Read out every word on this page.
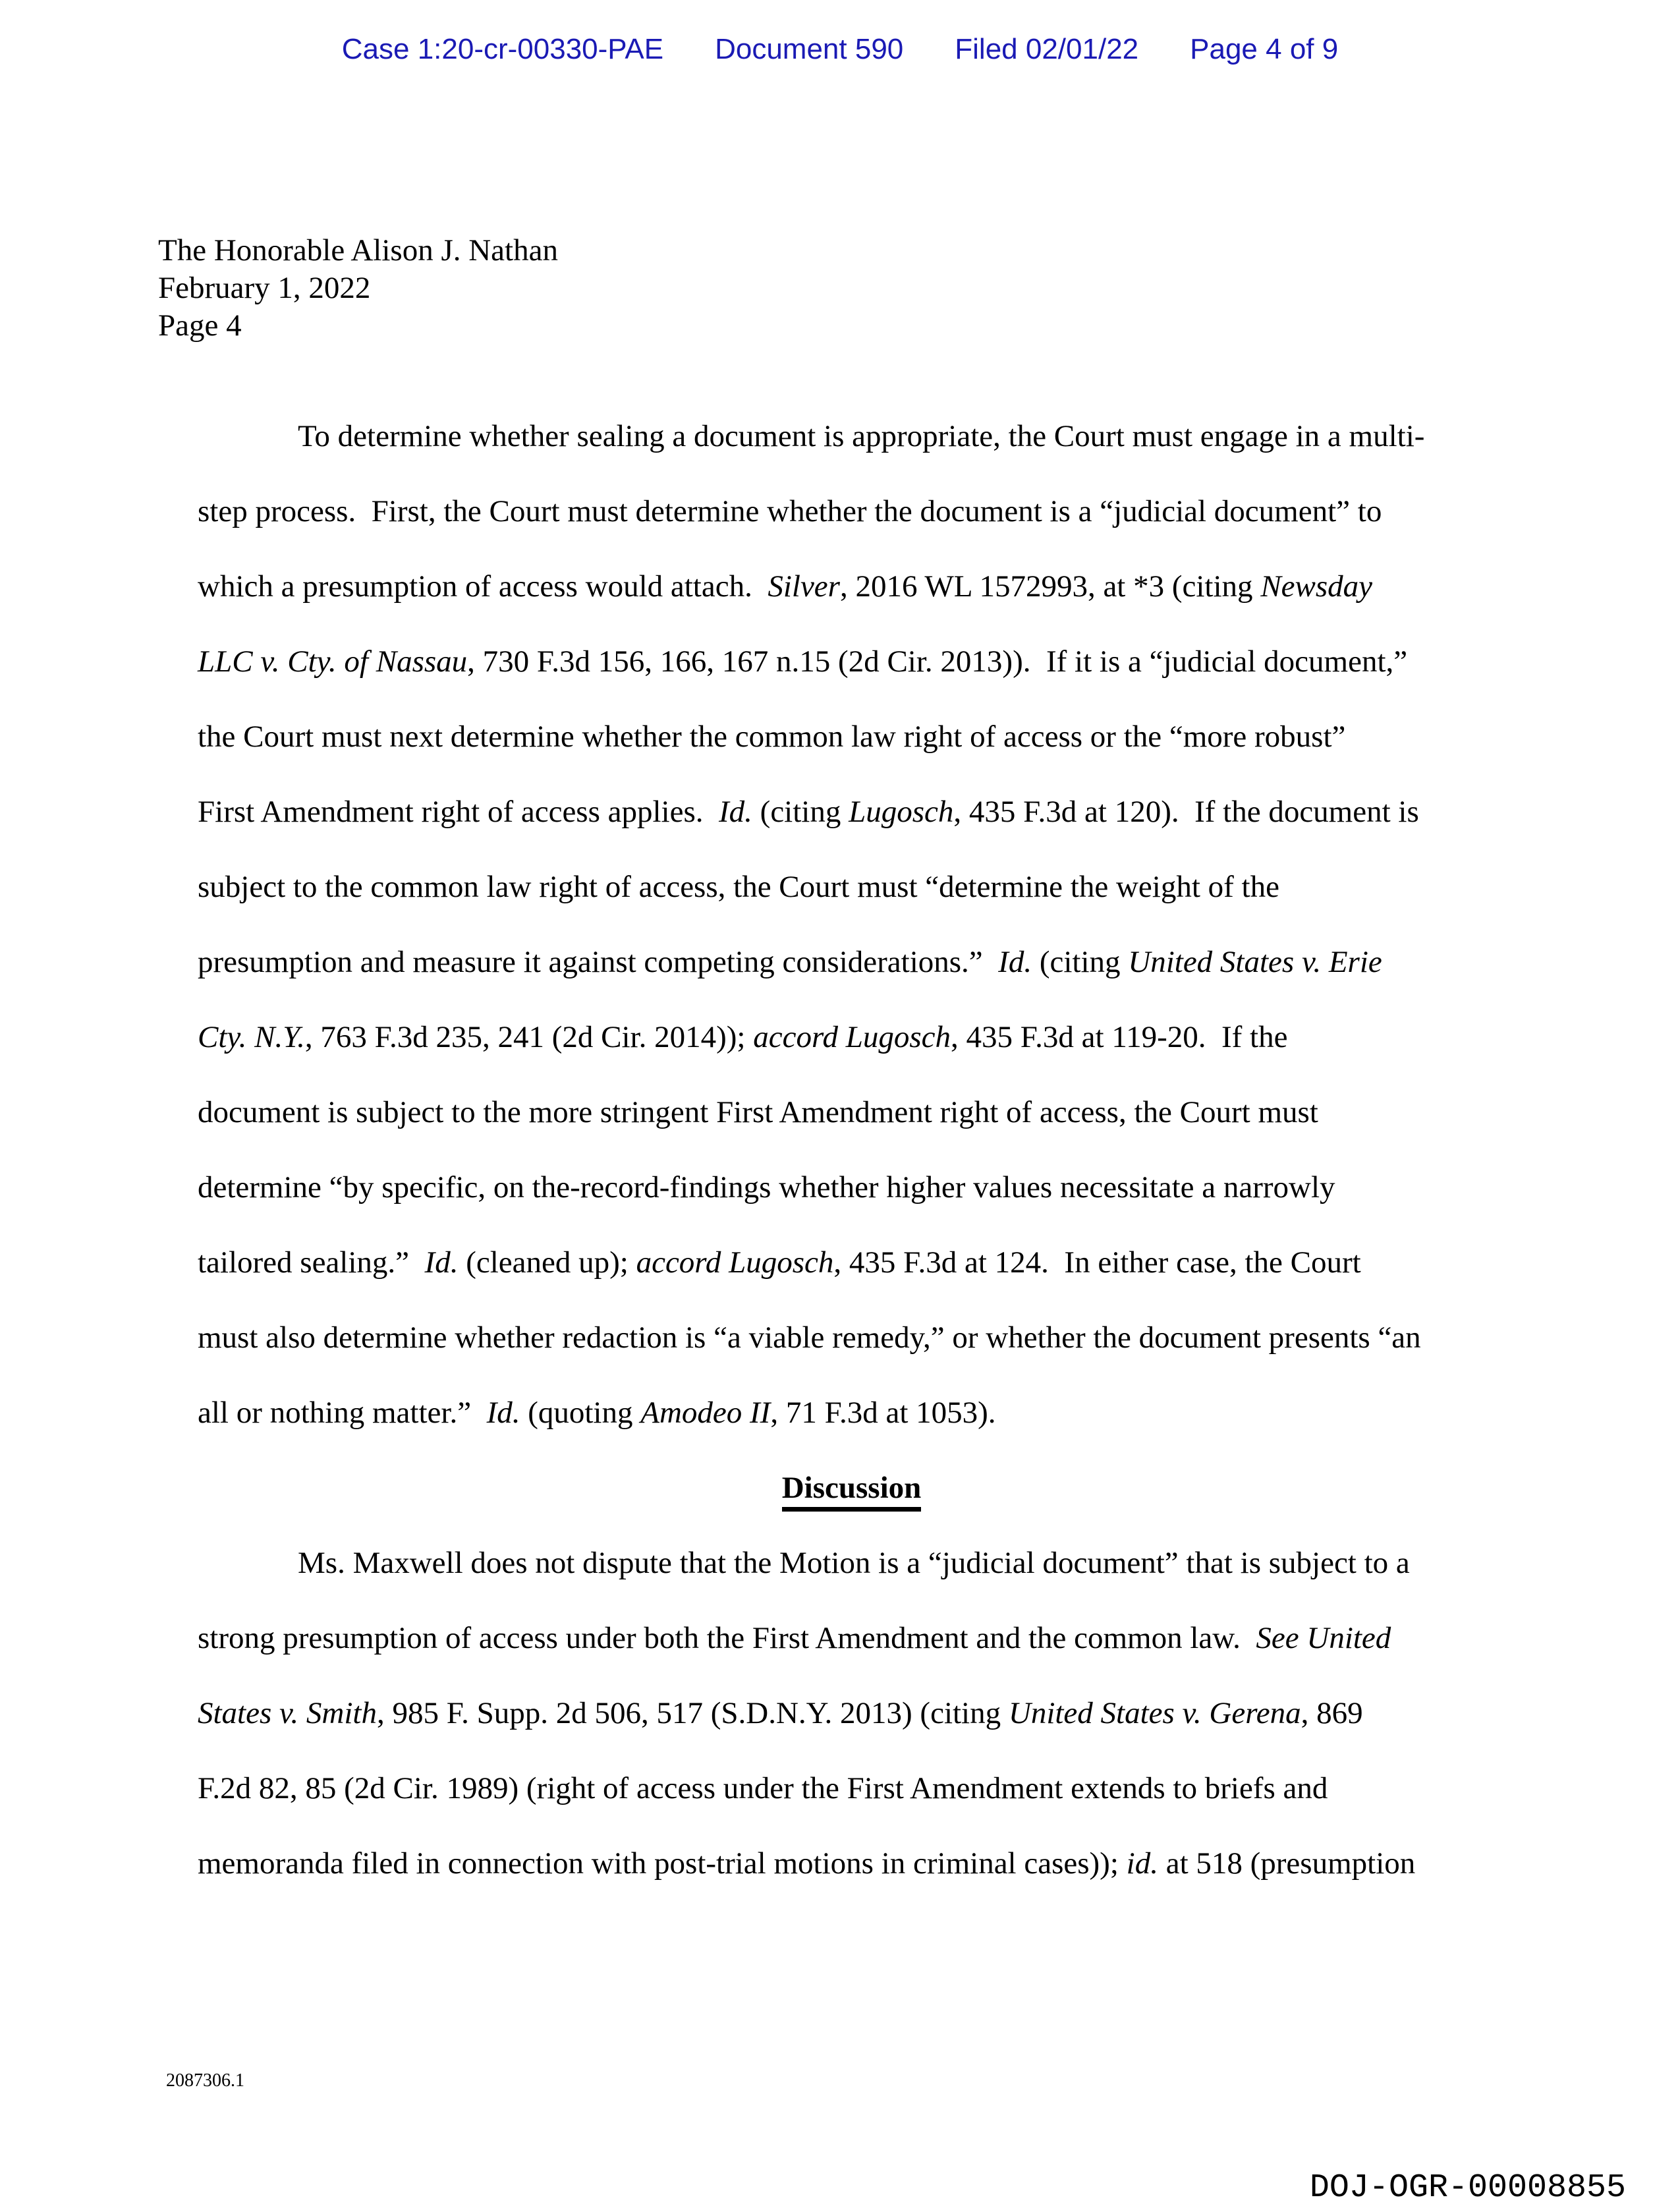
Case 1:20-cr-00330-PAE Document 590 Filed 02/01/22 Page 4 of 9
The Honorable Alison J. Nathan
February 1, 2022
Page 4
To determine whether sealing a document is appropriate, the Court must engage in a multi-
step process.  First, the Court must determine whether the document is a “judicial document” to
which a presumption of access would attach.  Silver, 2016 WL 1572993, at *3 (citing Newsday
LLC v. Cty. of Nassau, 730 F.3d 156, 166, 167 n.15 (2d Cir. 2013)).  If it is a “judicial document,”
the Court must next determine whether the common law right of access or the “more robust”
First Amendment right of access applies.  Id. (citing Lugosch, 435 F.3d at 120).  If the document is
subject to the common law right of access, the Court must “determine the weight of the
presumption and measure it against competing considerations.”  Id. (citing United States v. Erie
Cty. N.Y., 763 F.3d 235, 241 (2d Cir. 2014)); accord Lugosch, 435 F.3d at 119-20.  If the
document is subject to the more stringent First Amendment right of access, the Court must
determine “by specific, on the-record-findings whether higher values necessitate a narrowly
tailored sealing.”  Id. (cleaned up); accord Lugosch, 435 F.3d at 124.  In either case, the Court
must also determine whether redaction is “a viable remedy,” or whether the document presents “an
all or nothing matter.”  Id. (quoting Amodeo II, 71 F.3d at 1053).
Discussion
Ms. Maxwell does not dispute that the Motion is a “judicial document” that is subject to a
strong presumption of access under both the First Amendment and the common law.  See United
States v. Smith, 985 F. Supp. 2d 506, 517 (S.D.N.Y. 2013) (citing United States v. Gerena, 869
F.2d 82, 85 (2d Cir. 1989) (right of access under the First Amendment extends to briefs and
memoranda filed in connection with post-trial motions in criminal cases)); id. at 518 (presumption
2087306.1
DOJ-OGR-00008855
